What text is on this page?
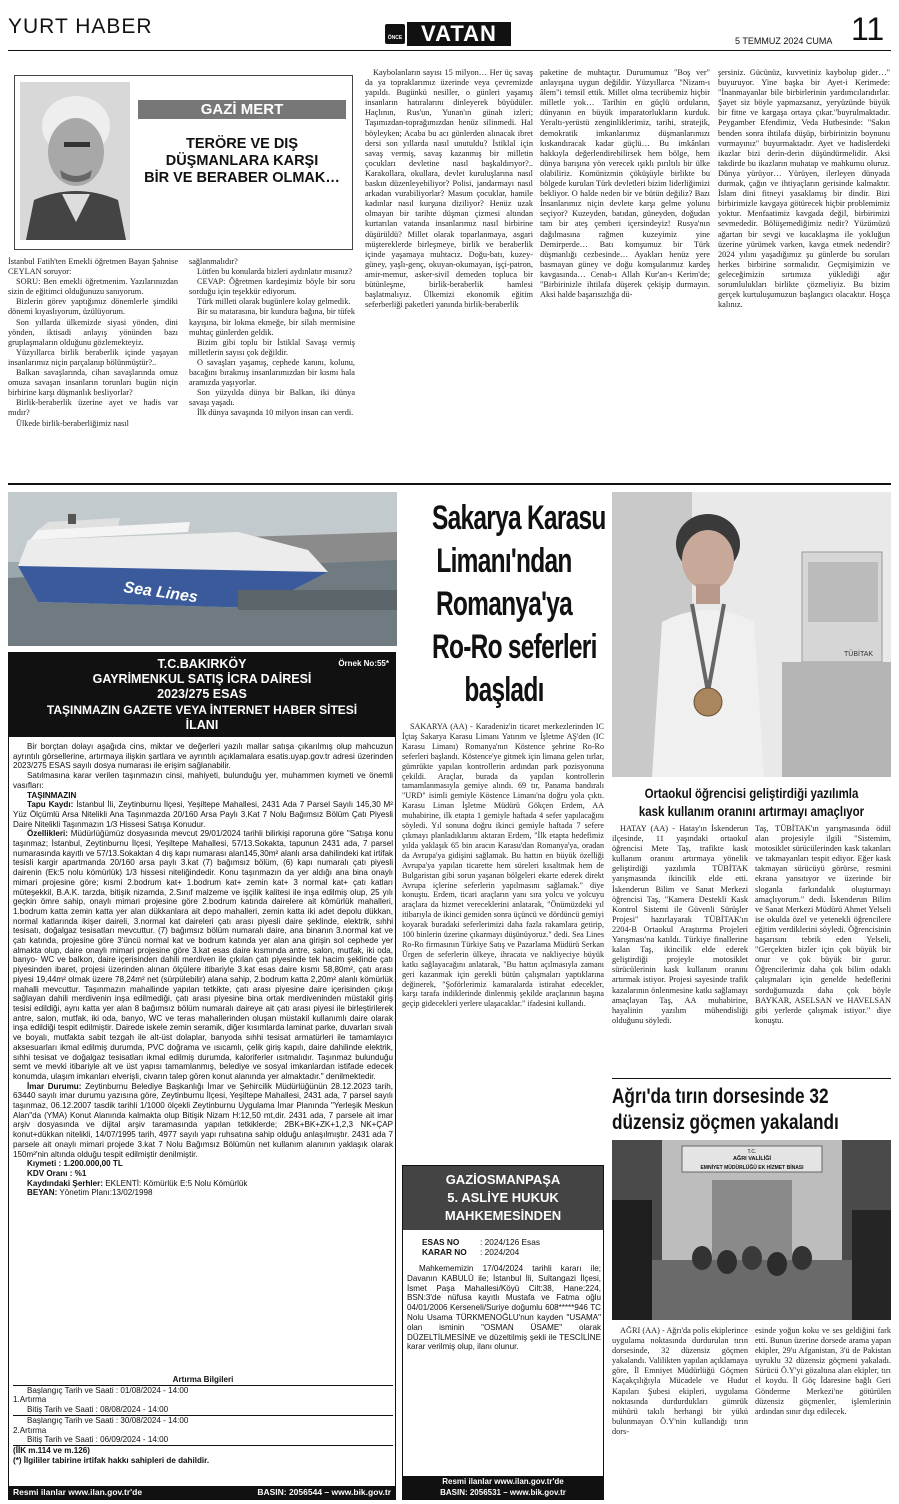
YURT HABER	ÖNCE VATAN	5 TEMMUZ 2024 CUMA 11
GAZİ MERT
TERÖRE VE DIŞ
DÜŞMANLARA KARŞI
BİR VE BERABER OLMAK…

İstanbul Fatih'ten Emekli öğretmen Bayan Şahnise CEYLAN soruyor:

SORU: Ben emekli öğretmenim. Yazılarınızdan sizin de eğitimci olduğunuzu sanıyorum.

Bizlerin görev yaptığımız dönemlerle şimdiki dönemi kıyaslıyorum, üzülüyorum.

Son yıllarda ülkemizde siyasi yönden, dini yönden, iktisadi anlayış yönünden bazı gruplaşmaların olduğunu gözlemekteyiz.

Yüzyıllarca birlik beraberlik içinde yaşayan insanlarımız niçin parçalanıp bölünmüştür?..

Balkan savaşlarında, cihan savaşlarında omuz omuza savaşan insanların torunları bugün niçin birbirine karşı düşmanlık besliyorlar?

Birlik-beraberlik üzerine ayet ve hadis var mıdır?

Ülkede birlik-beraberliğimiz nasıl

sağlanmalıdır?

Lütfen bu konularda bizleri aydınlatır mısınız?

CEVAP: Öğretmen kardeşimiz böyle bir soru sorduğu için teşekkür ediyorum.

Türk milleti olarak bugünlere kolay gelmedik.

Bir su matarasına, bir kundura bağına, bir tüfek kayışına, bir lokma ekmeğe, bir silah mermisine muhtaç günlerden geldik.

Bizim gibi toplu bir İstiklal Savaşı vermiş milletlerin sayısı çok değildir.

O savaşları yaşamış, cephede kanını, kolunu, bacağını bırakmış insanlarımızdan bir kısmı hala aramızda yaşıyorlar.

Son yüzyılda dünya bir Balkan, iki dünya savaşı yaşadı.

İlk dünya savaşında 10 milyon insan can verdi.

Kaybolanların sayısı 15 milyon… Her üç savaş da ya topraklarımız üzerinde veya çevremizde yapıldı. Bugünkü nesiller, o günleri yaşamış insanların hatıralarını dinleyerek büyüdüler. Haçlının, Rus'un, Yunan'ın günah izleri; Taşımızdan-toprağımızdan henüz silinmedi. Hal böyleyken; Acaba bu acı günlerden alınacak ibret dersi son yıllarda nasıl unutuldu? İstiklal için savaş vermiş, savaş kazanmış bir milletin çocukları devletine nasıl başkaldırıyor?.. Karakollara, okullara, devlet kuruluşlarına nasıl baskın düzenleyebiliyor? Polisi, jandarmayı nasıl arkadan vurabiliyorlar? Masum çocuklar, hamile kadınlar nasıl kurşuna diziliyor? Henüz uzak olmayan bir tarihte düşman çizmesi altından kurtarılan vatanda insanlarımız nasıl birbirine düşürüldü? Millet olarak toparlanmaya, asgari müştereklerde birleşmeye, birlik ve beraberlik içinde yaşamaya muhtacız. Doğu-batı, kuzey-güney, yaşlı-genç, okuyan-okumayan, işçi-patron, amir-memur, asker-sivil demeden topluca bir bütünleşme, birlik-beraberlik hamlesi başlatmalıyız. Ülkemizi ekonomik eğitim seferberliği paketleri yanında birlik-beraberlik
paketine de muhtaçtır. Durumumuz "Boş ver" anlayışına uygun değildir. Yüzyıllarca "Nizam-ı âlem"i temsil ettik. Millet olma tecrübemiz hiçbir milletle yok… Tarihin en güçlü orduların, dünyanın en büyük imparatorlukların kurduk. Yeraltı-yerüstü zenginliklerimiz, tarihi, stratejik, demokratik imkanlarımız düşmanlarımızı kıskandıracak kadar güçlü… Bu imkânları hakkıyla değerlendirebilirsek hem bölge, hem dünya barışına yön verecek ışıklı pırıltılı bir ülke olabiliriz. Komünizmin çöküşüyle birlikte bu bölgede kurulan Türk devletleri bizim liderliğimizi bekliyor. O halde neden bir ve bütün değiliz? Bazı İnsanlarımız niçin devlete karşı gelme yolunu seçiyor? Kuzeyden, batıdan, güneyden, doğudan tam bir ateş çemberi içersindeyiz! Rusya'nın dağılmasına rağmen kuzeyimiz yine Demirperde… Batı komşumuz bir Türk düşmanlığı cezbesinde… Ayakları henüz yere basmayan güney ve doğu komşularımız kardeş kavgasında… Cenab-ı Allah Kur'an-ı Kerim'de; "Birbirinizle ihtilafa düşerek çekişip durmayın. Aksi halde başarısızlığa dü-
şersiniz. Gücünüz, kuvvetiniz kaybolup gider…" buyuruyor. Yine başka bir Ayet-i Kerimede: "İnanmayanlar bile birbirlerinin yardımcılarıdırlar. Şayet siz böyle yapmazsanız, yeryüzünde büyük bir fitne ve kargaşa ortaya çıkar."buyrulmaktadır. Peygamber Efendimiz, Veda Hutbesinde: "Sakın benden sonra ihtilafa düşüp, birbirinizin boynunu vurmayınız" buyurmaktadır. Ayet ve hadislerdeki ikazlar bizi derin-derin düşündürmelidir. Aksi takdirde bu ikazların muhatap ve mahkumu oluruz. Dünya yürüyor… Yürüyen, ilerleyen dünyada durmak, çağın ve ihtiyaçların gerisinde kalmaktır. İslam dini fitneyi yasaklamış bir dindir. Bizi birbirimizle kavgaya götürecek hiçbir problemimiz yoktur. Menfaatimiz kavgada değil, birbirimizi sevmededir. Bölüşemediğimiz nedir? Yüzümüzü ağartan bir sevgi ve kucaklaşma ile yokluğun üzerine yürümek varken, kavga etmek nedendir? 2024 yılını yaşadığımız şu günlerde bu soruları herkes birbirine sormalıdır. Geçmişimizin ve geleceğimizin sırtımıza yüklediği ağır sorumlulukları birlikte çözmeliyiz. Bu bizim gerçek kurtuluşumuzun başlangıcı olacaktır. Hoşça kalınız.
Sea Lines
Sakarya Karasu
Limanı'ndan
Romanya'ya
Ro-Ro seferleri
başladı
SAKARYA (AA) - Karadeniz'in ticaret merkezlerinden IC İçtaş Sakarya Karasu Limanı Yatırım ve İşletme AŞ'den (IC Karasu Limanı) Romanya'nın Köstence şehrine Ro-Ro seferleri başlandı. Köstence'ye gitmek için limana gelen tırlar, gümrükte yapılan kontrollerin ardından park pozisyonuna çekildi. Araçlar, burada da yapılan kontrollerin tamamlanmasıyla gemiye alındı. 69 tır, Panama bandıralı "URD" isimli gemiyle Köstence Limanı'na doğru yola çıktı. Karasu Liman İşletme Müdürü Gökçen Erdem, AA muhabirine, ilk etapta 1 gemiyle haftada 4 sefer yapılacağını söyledi. Yıl sonuna doğru ikinci gemiyle haftada 7 sefere çıkmayı planladıklarını aktaran Erdem, "İlk etapta hedefimiz yılda yaklaşık 65 bin aracın Karasu'dan Romanya'ya, oradan da Avrupa'ya gidişini sağlamak. Bu hattın en büyük özelliği Avrupa'ya yapılan ticarette hem süreleri kısaltmak hem de Bulgaristan gibi sorun yaşanan bölgeleri ekarte ederek direkt Avrupa içlerine seferlerin yapılmasını sağlamak." diye konuştu. Erdem, ticari araçların yanı sıra yolcu ve yolcuyu araçlara da hizmet vereceklerini anlatarak, "Önümüzdeki yıl itibarıyla de ikinci gemiden sonra üçüncü ve dördüncü gemiyi koyarak buradaki seferlerimizi daha fazla rakamlara getirip, 100 binlerin üzerine çıkarmayı düşünüyoruz." dedi. Sea Lines Ro-Ro firmasının Türkiye Satış ve Pazarlama Müdürü Serkan Ürgen de seferlerin ülkeye, ihracata ve nakliyeciye büyük katkı sağlayacağını anlatarak, "Bu hattın açılmasıyla zamanı geri kazanmak için gerekli bütün çalışmaları yaptıklarına değinerek, "Şoförlerimiz kamaralarda istirahat edecekler, karşı tarafa indiklerinde dinlenmiş şekilde araçlarının başına geçip gidecekleri yerlere ulaşacaklar." ifadesini kullandı.
TÜBİTAK
Ortaokul öğrencisi geliştirdiği yazılımla
kask kullanım oranını artırmayı amaçlıyor
HATAY (AA) - Hatay'ın İskenderun ilçesinde, 11 yaşındaki ortaokul öğrencisi Mete Taş, trafikte kask kullanım oranını artırmaya yönelik geliştirdiği yazılımla TÜBİTAK yarışmasında ikincilik elde etti. İskenderun Bilim ve Sanat Merkezi öğrencisi Taş, "Kamera Destekli Kask Kontrol Sistemi ile Güvenli Sürüşler Projesi" hazırlayarak TÜBİTAK'ın 2204-B Ortaokul Araştırma Projeleri Yarışması'na katıldı. Türkiye finallerine kalan Taş, ikincilik elde ederek geliştirdiği projeyle motosiklet sürücülerinin kask kullanım oranını artırmak istiyor. Projesi sayesinde trafik kazalarının önlenmesine katkı sağlamayı amaçlayan Taş, AA muhabirine, hayalinin yazılım mühendisliği olduğunu söyledi.
Taş, TÜBİTAK'ın yarışmasında ödül alan projesiyle ilgili "Sistemim, motosiklet sürücülerinden kask takanları ve takmayanları tespit ediyor. Eğer kask takmayan sürücüyü görürse, resmini ekrana yansıtıyor ve üzerinde bir sloganla farkındalık oluşturmayı amaçlıyorum." dedi. İskenderun Bilim ve Sanat Merkezi Müdürü Ahmet Yelseli ise okulda özel ve yetenekli öğrencilere eğitim verdiklerini söyledi. Öğrencisinin başarısını tebrik eden Yelseli, "Gerçekten bizler için çok büyük bir onur ve çok büyük bir gurur. Öğrencilerimiz daha çok bilim odaklı çalışmaları için genelde hedeflerini sorduğumuzda daha çok böyle BAYKAR, ASELSAN ve HAVELSAN gibi yerlerde çalışmak istiyor." diye konuştu.
Ağrı'da tırın dorsesinde 32
düzensiz göçmen yakalandı
T.C.
AĞRI VALİLİĞİ
EMNİYET MÜDÜRLÜĞÜ EK HİZMET BİNASI
AĞRI (AA) - Ağrı'da polis ekiplerince uygulama noktasında durdurulan tırın dorsesinde, 32 düzensiz göçmen yakalandı. Valilikten yapılan açıklamaya göre, İl Emniyet Müdürlüğü Göçmen Kaçakçılığıyla Mücadele ve Hudut Kapıları Şubesi ekipleri, uygulama noktasında durdurdukları gümrük mühürü takılı herhangi bir yükü bulunmayan Ö.Y'nin kullandığı tırın dors-
esinde yoğun koku ve ses geldiğini fark etti. Bunun üzerine dorsede arama yapan ekipler, 29'u Afganistan, 3'ü de Pakistan uyruklu 32 düzensiz göçmeni yakaladı. Sürücü Ö.Y'yi gözaltına alan ekipler, tırı el koydu. İl Göç İdaresine bağlı Geri Gönderme Merkezi'ne götürülen düzensiz göçmenler, işlemlerinin ardından sınır dışı edilecek.
T.C.BAKIRKÖY	Örnek No:55*
GAYRİMENKUL SATIŞ İCRA DAİRESİ
2023/275 ESAS
TAŞINMAZIN GAZETE VEYA İNTERNET HABER SİTESİ
İLANI

Bir borçtan dolayı aşağıda cins, miktar ve değerleri yazılı mallar satışa çıkarılmış olup mahcuzun ayrıntılı görsellerine, artırmaya ilişkin şartlara ve ayrıntılı açıklamalara esatis.uyap.gov.tr adresi üzerinden 2023/275 ESAS sayılı dosya numarası ile erişim sağlanabilir.

Satılmasına karar verilen taşınmazın cinsi, mahiyeti, bulunduğu yer, muhammen kıymeti ve önemli vasıfları:

TAŞINMAZIN

Tapu Kaydı: İstanbul İli, Zeytinburnu İlçesi, Yeşiltepe Mahallesi, 2431 Ada 7 Parsel Sayılı 145,30 M² Yüz Ölçümlü Arsa Nitelikli Ana Taşınmazda 20/160 Arsa Paylı 3.Kat 7 Nolu Bağımsız Bölüm Çatı Piyesli Daire Nitelikli Taşınmazın 1/3 Hissesi Satışa Konudur.

Özellikleri: Müdürlüğümüz dosyasında mevcut 29/01/2024 tarihli bilirkişi raporuna göre "Satışa konu taşınmaz; İstanbul, Zeytinburnu İlçesi, Yeşiltepe Mahallesi, 57/13.Sokakta, tapunun 2431 ada, 7 parsel numarasında kayıtlı ve 57/13.Sokaktan 4 dış kapı numarası alan145,30m² alanlı arsa dahilindeki kat irtifak tesisli kargir apartmanda 20/160 arsa paylı 3.kat (7) bağımsız bölüm, (6) kapı numaralı çatı piyesli dairenin (Ek:5 nolu kömürlük) 1/3 hissesi niteliğindedir. Konu taşınmazın da yer aldığı ana bina onaylı mimari projesine göre; kısmi 2.bodrum kat+ 1.bodrum kat+ zemin kat+ 3 normal kat+ çatı katları müteşekkil, B.A.K. tarzda, bitişik nizamda, 2.Sınıf malzeme ve işçilik kalitesi ile inşa edilmiş olup, 25 yılı geçkin ömre sahip, onaylı mimari projesine göre 2.bodrum katında dairelere ait kömürlük mahalleri, 1.bodrum katta zemin katta yer alan dükkanlara ait depo mahalleri, zemin katta iki adet depolu dükkan, normal katlarında ikişer daireli, 3.normal kat daireleri çatı arası piyesli daire şeklinde, elektrik, sıhhi tesisatı, doğalgaz tesisatları mevcuttur. (7) bağımsız bölüm numaralı daire, ana binanın 3.normal kat ve çatı katında, projesine göre 3'üncü normal kat ve bodrum katında yer alan ana girişin sol cephede yer almakta olup, daire onaylı mimari projesine göre 3.kat esas daire kısmında antre, salon, mutfak, iki oda, banyo- WC ve balkon, daire içerisinden dahili merdiven ile çıkılan çatı piyesinde tek hacim şeklinde çatı piyesinden ibaret, projesi üzerinden alınan ölçülere itibariyle 3.kat esas daire kısmı 58,80m², çatı arası piyesi 19,44m² olmak üzere 78,24m² net (sürpülebilir) alana sahip, 2.bodrum katta 2,20m² alanlı kömürlük mahalli mevcuttur. Taşınmazın mahallinde yapılan tetkikte, çatı arası piyesine daire içerisinden çıkışı sağlayan dahili merdivenin inşa edilmediği, çatı arası piyesine bina ortak merdiveninden müstakil giriş tesisi edildiği, aynı katta yer alan 8 bağımsız bölüm numaralı daireye ait çatı arası piyesi ile birleştirilerek antre, salon, mutfak, iki oda, banyo, WC ve teras mahallerinden oluşan müstakil kullanımlı daire olarak inşa edildiği tespit edilmiştir. Dairede iskele zemin seramik, diğer kısımlarda laminat parke, duvarları sıvalı ve boyalı, mutfakta sabit tezgah ile alt-üst dolaplar, banyoda sıhhi tesisat armatürleri ile tamamlayıcı aksesuarları ikmal edilmiş durumda, PVC doğrama ve ısıcamlı, çelik giriş kapılı, daire dahilinde elektrik, sıhhi tesisat ve doğalgaz tesisatları ikmal edilmiş durumda, kaloriferler ısıtmalıdır. Taşınmaz bulunduğu semt ve mevki itibariyle alt ve üst yapısı tamamlanmış, belediye ve sosyal imkanlardan istifade edecek konumda, ulaşım imkanları elverişli, civarın talep gören konut alanında yer almaktadır." denilmektedir.

İmar Durumu: Zeytinburnu Belediye Başkanlığı İmar ve Şehircilik Müdürlüğünün 28.12.2023 tarih, 63440 sayılı imar durumu yazısına göre, Zeytinburnu İlçesi, Yeşiltepe Mahallesi, 2431 ada, 7 parsel sayılı taşınmaz, 06.12.2007 tasdik tarihli 1/1000 ölçekli Zeytinburnu Uygulama İmar Planında "Yerleşik Meskun Alan"da (YMA) Konut Alanında kalmakta olup Bitişik Nizam H:12,50 mt,dir. 2431 ada, 7 parsele ait imar arşiv dosyasında ve dijital arşiv taramasında yapılan tetkiklerde; 2BK+BK+ZK+1,2,3 NK+ÇAP konut+dükkan nitelikli, 14/07/1995 tarih, 4977 sayılı yapı ruhsatına sahip olduğu anlaşılmıştır. 2431 ada 7 parsele ait onaylı mimari projede 3.kat 7 Nolu Bağımsız Bölümün net kullanım alanının yaklaşık olarak 150m²'nin altında olduğu tespit edilmiştir denilmiştir.

Kıymeti : 1.200.000,00 TL

KDV Oranı : %1

Kaydındaki Şerhler: EKLENTİ: Kömürlük E:5 Nolu Kömürlük

BEYAN: Yönetim Planı:13/02/1998

Artırma Bilgileri
Başlangıç Tarih ve Saati : 01/08/2024 - 14:00
1.Artırma
Bitiş Tarih ve Saati : 08/08/2024 - 14:00
Başlangıç Tarih ve Saati : 30/08/2024 - 14:00
2.Artırma
Bitiş Tarih ve Saati : 06/09/2024 - 14:00
(İİK m.114 ve m.126)
(*) İlgililer tabirine irtifak hakkı sahipleri de dahildir.
Resmi ilanlar www.ilan.gov.tr'de	BASIN: 2056544 – www.bik.gov.tr
GAZİOSMANPAŞA
5. ASLİYE HUKUK
MAHKEMESİNDEN
ESAS NO : 2024/126 Esas
KARAR NO : 2024/204
Mahkememizin 17/04/2024 tarihli kararı ile; Davanın KABULÜ ile; İstanbul İli, Sultangazi İlçesi, İsmet Paşa Mahallesi/Köyü Cilt:38, Hane:224, BSN:3'de nüfusa kayıtlı Mustafa ve Fatma oğlu 04/01/2006 Kerseneli/Suriye doğumlu 608*****946 TC Nolu Usama TÜRKMENOĞLU'nun kayden "USAMA" olan isminin "OSMAN ÜSAME" olarak DÜZELTİLMESİNE ve düzeltilmiş şekli ile TESCİLİNE karar verilmiş olup, ilanı olunur.
Resmi ilanlar www.ilan.gov.tr'de
BASIN: 2056531 – www.bik.gov.tr
